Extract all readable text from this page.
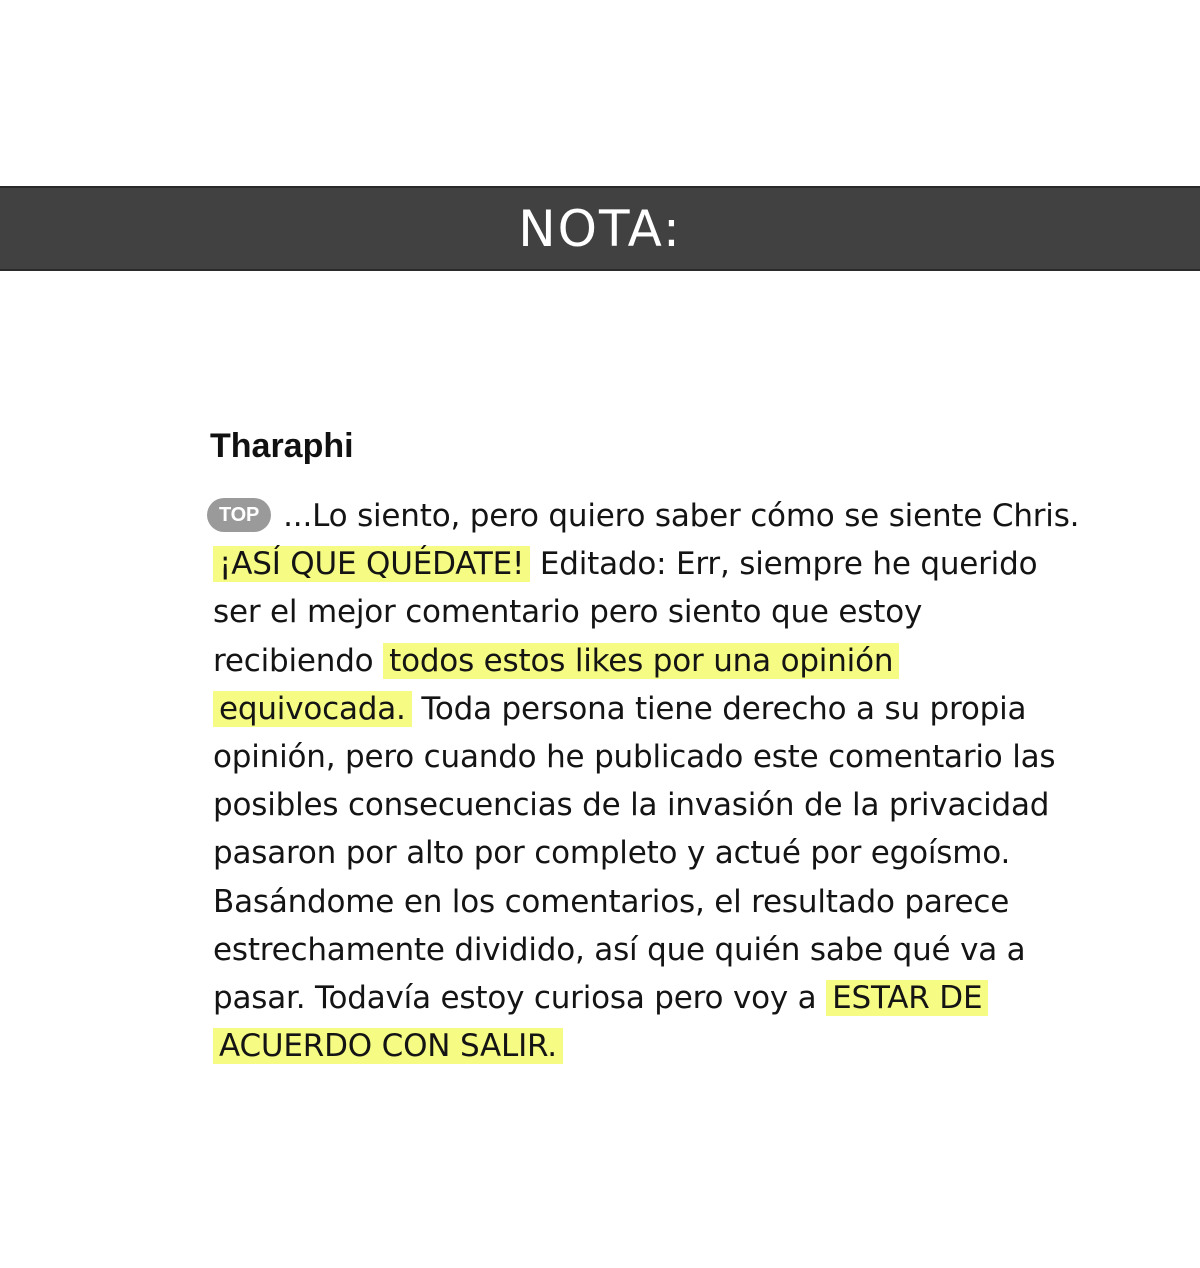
NOTA:
Tharaphi

TOP ...Lo siento, pero quiero saber cómo se siente Chris. ¡ASÍ QUE QUÉDATE! Editado: Err, siempre he querido ser el mejor comentario pero siento que estoy recibiendo todos estos likes por una opinión equivocada. Toda persona tiene derecho a su propia opinión, pero cuando he publicado este comentario las posibles consecuencias de la invasión de la privacidad pasaron por alto por completo y actué por egoísmo. Basándome en los comentarios, el resultado parece estrechamente dividido, así que quién sabe qué va a pasar. Todavía estoy curiosa pero voy a ESTAR DE ACUERDO CON SALIR.
